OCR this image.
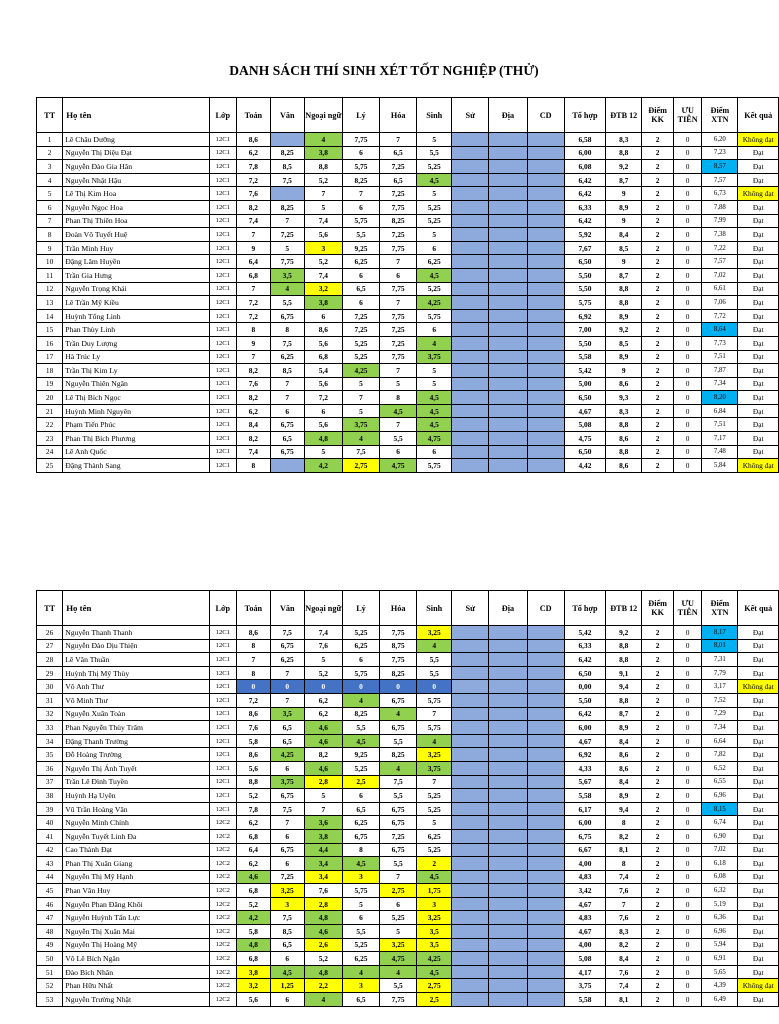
DANH SÁCH THÍ SINH XÉT TỐT NGHIỆP (THỬ)
TT	Họ tên	Lớp	Toán	Văn	Ngoại ngữ	Lý	Hóa	Sinh	Sử	Địa	CD	Tổ hợp	ĐTB 12	Điểm KK	ƯU TIÊN	Điểm XTN	Kết quả
1	Lê Châu Dưỡng	12C1	8,6		4	7,75	7	5				6,58	8,3	2	0	6,20	Không đạt
2	Nguyễn Thị Diệu Đạt	12C1	6,2	8,25	3,8	6	6,5	5,5				6,00	8,8	2	0	7,23	Đạt
3	Nguyễn Đào Gia Hân	12C1	7,8	8,5	8,8	5,75	7,25	5,25				6,08	9,2	2	0	8,57	Đạt
4	Nguyễn Nhật Hậu	12C1	7,2	7,5	5,2	8,25	6,5	4,5				6,42	8,7	2	0	7,57	Đạt
5	Lê Thị Kim Hoa	12C1	7,6		7	7	7,25	5				6,42	9	2	0	6,73	Không đạt
6	Nguyễn Ngọc Hoa	12C1	8,2	8,25	5	6	7,75	5,25				6,33	8,9	2	0	7,88	Đạt
7	Phan Thị Thiên Hoa	12C1	7,4	7	7,4	5,75	8,25	5,25				6,42	9	2	0	7,99	Đạt
8	Đoàn Võ Tuyết Huệ	12C1	7	7,25	5,6	5,5	7,25	5				5,92	8,4	2	0	7,38	Đạt
9	Trần Minh Huy	12C1	9	5	3	9,25	7,75	6				7,67	8,5	2	0	7,22	Đạt
10	Đặng Lâm Huyền	12C1	6,4	7,75	5,2	6,25	7	6,25				6,50	9	2	0	7,57	Đạt
11	Trần Gia Hưng	12C1	6,8	3,5	7,4	6	6	4,5				5,50	8,7	2	0	7,02	Đạt
12	Nguyễn Trọng Khải	12C1	7	4	3,2	6,5	7,75	5,25				5,50	8,8	2	0	6,61	Đạt
13	Lê Trần Mỹ Kiều	12C1	7,2	5,5	3,8	6	7	4,25				5,75	8,8	2	0	7,06	Đạt
14	Huỳnh Tống Linh	12C1	7,2	6,75	6	7,25	7,75	5,75				6,92	8,9	2	0	7,72	Đạt
15	Phan Thùy Linh	12C1	8	8	8,6	7,25	7,25	6				7,00	9,2	2	0	8,64	Đạt
16	Trần Duy Lượng	12C1	9	7,5	5,6	5,25	7,25	4				5,50	8,5	2	0	7,73	Đạt
17	Hà Trúc Ly	12C1	7	6,25	6,8	5,25	7,75	3,75				5,58	8,9	2	0	7,51	Đạt
18	Trần Thị Kim Ly	12C1	8,2	8,5	5,4	4,25	7	5				5,42	9	2	0	7,87	Đạt
19	Nguyễn Thiên Ngân	12C1	7,6	7	5,6	5	5	5				5,00	8,6	2	0	7,34	Đạt
20	Lê Thị Bích Ngọc	12C1	8,2	7	7,2	7	8	4,5				6,50	9,3	2	0	8,20	Đạt
21	Huỳnh Minh Nguyên	12C1	6,2	6	6	5	4,5	4,5				4,67	8,3	2	0	6,84	Đạt
22	Phạm Tiến Phúc	12C1	8,4	6,75	5,6	3,75	7	4,5				5,08	8,8	2	0	7,51	Đạt
23	Phan Thị Bích Phương	12C1	8,2	6,5	4,8	4	5,5	4,75				4,75	8,6	2	0	7,17	Đạt
24	Lê Anh Quốc	12C1	7,4	6,75	5	7,5	6	6				6,50	8,8	2	0	7,48	Đạt
25	Đặng Thành Sang	12C1	8		4,2	2,75	4,75	5,75				4,42	8,6	2	0	5,84	Không đạt
TT	Họ tên	Lớp	Toán	Văn	Ngoại ngữ	Lý	Hóa	Sinh	Sử	Địa	CD	Tổ hợp	ĐTB 12	Điểm KK	ƯU TIÊN	Điểm XTN	Kết quả
26	Nguyễn Thanh Thanh	12C1	8,6	7,5	7,4	5,25	7,75	3,25				5,42	9,2	2	0	8,17	Đạt
27	Nguyễn Đào Dịu Thiện	12C1	8	6,75	7,6	6,25	8,75	4				6,33	8,8	2	0	8,01	Đạt
28	Lê Văn Thuần	12C1	7	6,25	5	6	7,75	5,5				6,42	8,8	2	0	7,31	Đạt
29	Huỳnh Thị Mỹ Thùy	12C1	8	7	5,2	5,75	8,25	5,5				6,50	9,1	2	0	7,79	Đạt
30	Võ Anh Thư	12C1	0	0	0	0	0	0				0,00	9,4	2	0	3,17	Không đạt
31	Võ Minh Thư	12C1	7,2	7	6,2	4	6,75	5,75				5,50	8,8	2	0	7,52	Đạt
32	Nguyễn Xuân Toàn	12C1	8,6	3,5	6,2	8,25	4	7				6,42	8,7	2	0	7,29	Đạt
33	Phan Nguyễn Thùy Trâm	12C1	7,6	6,5	4,6	5,5	6,75	5,75				6,00	8,9	2	0	7,34	Đạt
34	Đặng Thanh Trường	12C1	5,8	6,5	4,6	4,5	5,5	4				4,67	8,4	2	0	6,64	Đạt
35	Đỗ Hoàng Trường	12C1	8,6	4,25	8,2	9,25	8,25	3,25				6,92	8,6	2	0	7,82	Đạt
36	Nguyễn Thị Ánh Tuyết	12C1	5,6	6	4,6	5,25	4	3,75				4,33	8,6	2	0	6,52	Đạt
37	Trần Lê Đình Tuyền	12C1	8,8	3,75	2,8	2,5	7,5	7				5,67	8,4	2	0	6,55	Đạt
38	Huỳnh Hạ Uyên	12C1	5,2	6,75	5	6	5,5	5,25				5,58	8,9	2	0	6,96	Đạt
39	Vũ Trần Hoàng Vân	12C1	7,8	7,5	7	6,5	6,75	5,25				6,17	9,4	2	0	8,15	Đạt
40	Nguyễn Minh Chính	12C2	6,2	7	3,6	6,25	6,75	5				6,00	8	2	0	6,74	Đạt
41	Nguyễn Tuyết Linh Đa	12C2	6,8	6	3,8	6,75	7,25	6,25				6,75	8,2	2	0	6,90	Đạt
42	Cao Thành Đạt	12C2	6,4	6,75	4,4	8	6,75	5,25				6,67	8,1	2	0	7,02	Đạt
43	Phan Thị Xuân Giang	12C2	6,2	6	3,4	4,5	5,5	2				4,00	8	2	0	6,18	Đạt
44	Nguyễn Thị Mỹ Hạnh	12C2	4,6	7,25	3,4	3	7	4,5				4,83	7,4	2	0	6,08	Đạt
45	Phan Văn Huy	12C2	6,8	3,25	7,6	5,75	2,75	1,75				3,42	7,6	2	0	6,32	Đạt
46	Nguyễn Phan Đăng Khôi	12C2	5,2	3	2,8	5	6	3				4,67	7	2	0	5,19	Đạt
47	Nguyễn Huỳnh Tấn Lực	12C2	4,2	7,5	4,8	6	5,25	3,25				4,83	7,6	2	0	6,36	Đạt
48	Nguyễn Thị Xuân Mai	12C2	5,8	8,5	4,6	5,5	5	3,5				4,67	8,3	2	0	6,96	Đạt
49	Nguyễn Thị Hoàng Mỹ	12C2	4,8	6,5	2,6	5,25	3,25	3,5				4,00	8,2	2	0	5,94	Đạt
50	Võ Lê Bích Ngân	12C2	6,8	6	5,2	6,25	4,75	4,25				5,08	8,4	2	0	6,91	Đạt
51	Đào Bích Nhân	12C2	3,8	4,5	4,8	4	4	4,5				4,17	7,6	2	0	5,65	Đạt
52	Phan Hữu Nhất	12C2	3,2	1,25	2,2	3	5,5	2,75				3,75	7,4	2	0	4,39	Không đạt
53	Nguyễn Trường Nhật	12C2	5,6	6	4	6,5	7,75	2,5				5,58	8,1	2	0	6,49	Đạt
